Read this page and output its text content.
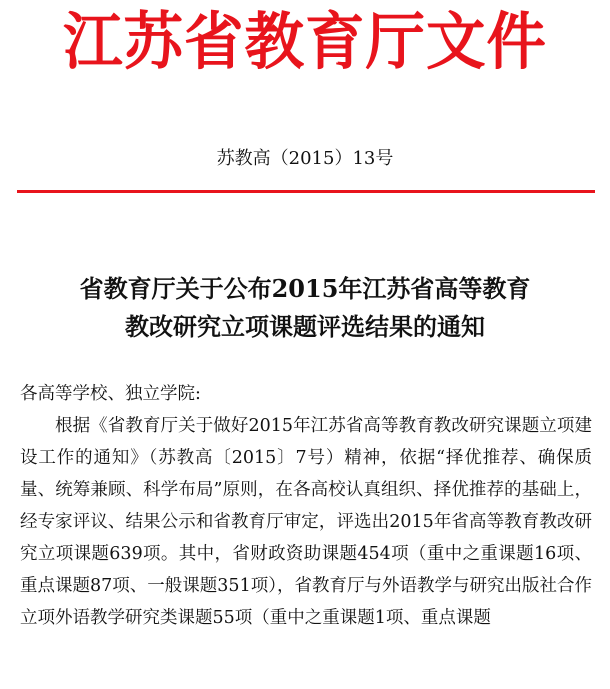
江苏省教育厅文件
苏教高（2015）13号
省教育厅关于公布2015年江苏省高等教育
教改研究立项课题评选结果的通知
各高等学校、独立学院:

根据《省教育厅关于做好2015年江苏省高等教育教改研究课题立项建设工作的通知》（苏教高〔2015〕7号）精神，依据“择优推荐、确保质量、统筹兼顾、科学布局”原则，在各高校认真组织、择优推荐的基础上，经专家评议、结果公示和省教育厅审定，评选出2015年省高等教育教改研究立项课题639项。其中，省财政资助课题454项（重中之重课题16项、重点课题87项、一般课题351项），省教育厅与外语教学与研究出版社合作立项外语教学研究类课题55项（重中之重课题1项、重点课题
